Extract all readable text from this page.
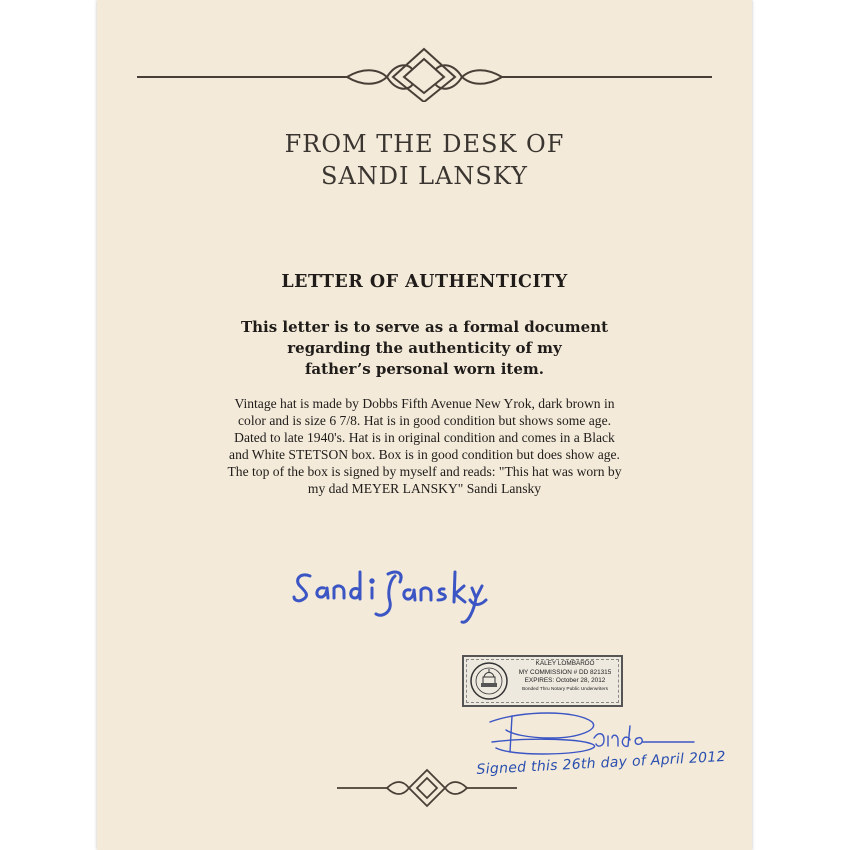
FROM THE DESK OF
SANDI LANSKY
LETTER OF AUTHENTICITY
This letter is to serve as a formal document
regarding the authenticity of my
father’s personal worn item.
Vintage hat is made by Dobbs Fifth Avenue New Yrok, dark brown in
color and is size 6 7/8. Hat is in good condition but shows some age.
Dated to late 1940's. Hat is in original condition and comes in a Black
and White STETSON box. Box is in good condition but does show age.
The top of the box is signed by myself and reads: "This hat was worn by
my dad MEYER LANSKY" Sandi Lansky
KALEY LOMBARDO
MY COMMISSION # DD 821315
EXPIRES: October 28, 2012
Bonded Thru Notary Public Underwriters
Signed this 26th day of April 2012
